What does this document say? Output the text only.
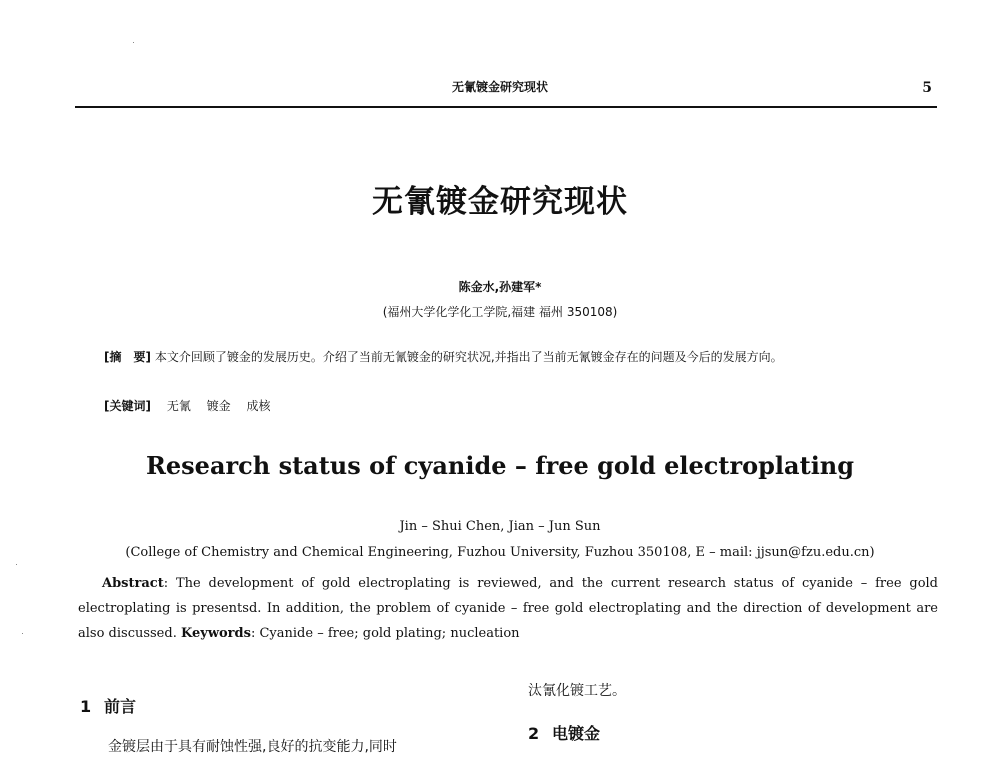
无氰镀金研究现状	5
无氰镀金研究现状
陈金水,孙建军*
(福州大学化学化工学院,福建 福州 350108)
[摘　要] 本文介回顾了镀金的发展历史。介绍了当前无氰镀金的研究状况,并指出了当前无氰镀金存在的问题及今后的发展方向。
[关键词] 无氰 镀金 成核
Research status of cyanide – free gold electroplating
Jin – Shui Chen, Jian – Jun Sun
(College of Chemistry and Chemical Engineering, Fuzhou University, Fuzhou 350108, E – mail: jjsun@fzu.edu.cn)
Abstract: The development of gold electroplating is reviewed, and the current research status of cyanide – free gold electroplating is presentsd. In addition, the problem of cyanide – free gold electroplating and the direction of development are also discussed. Keywords: Cyanide – free; gold plating; nucleation
1 前言
金镀层由于具有耐蚀性强,良好的抗变能力,同时
汰氰化镀工艺。
2 电镀金
